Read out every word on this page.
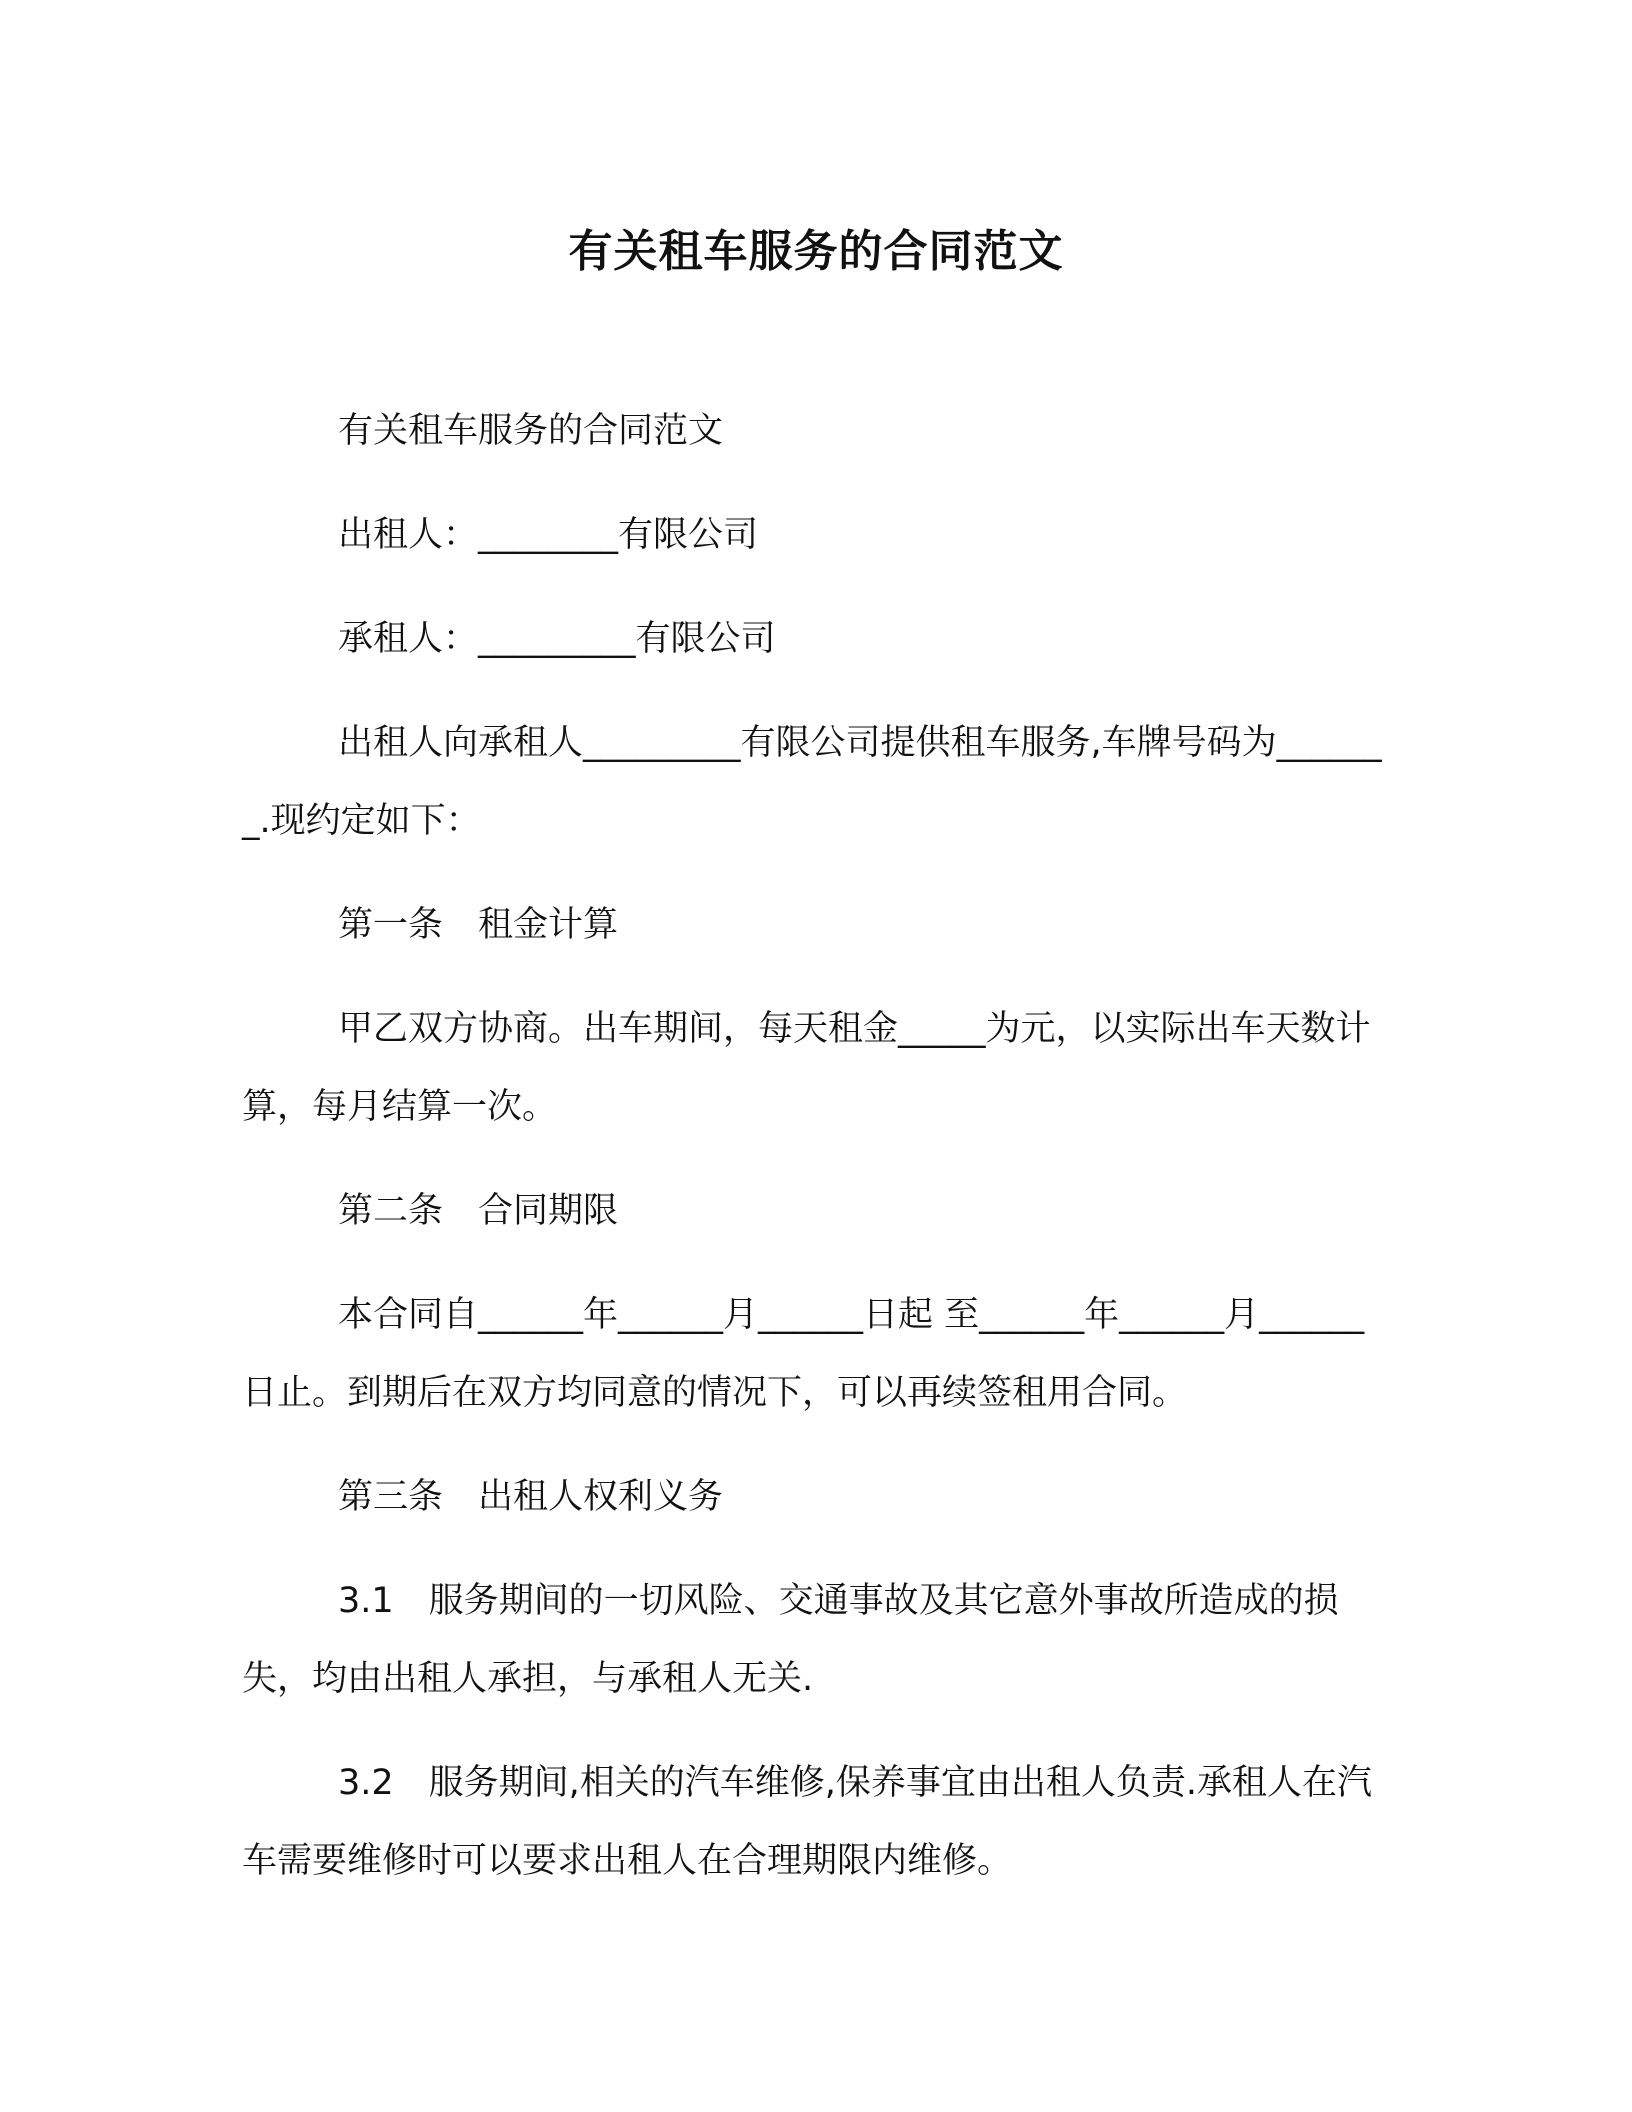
有关租车服务的合同范文

有关租车服务的合同范文

出租人：________有限公司

承租人：_________有限公司

出租人向承租人_________有限公司提供租车服务,车牌号码为_______.现约定如下：

第一条　租金计算

甲乙双方协商。出车期间，每天租金_____为元，以实际出车天数计算，每月结算一次。

第二条　合同期限

本合同自______年______月______日起 至______年______月______日止。到期后在双方均同意的情况下，可以再续签租用合同。

第三条　出租人权利义务

3.1　服务期间的一切风险、交通事故及其它意外事故所造成的损失，均由出租人承担，与承租人无关.

3.2　服务期间,相关的汽车维修,保养事宜由出租人负责.承租人在汽车需要维修时可以要求出租人在合理期限内维修。
